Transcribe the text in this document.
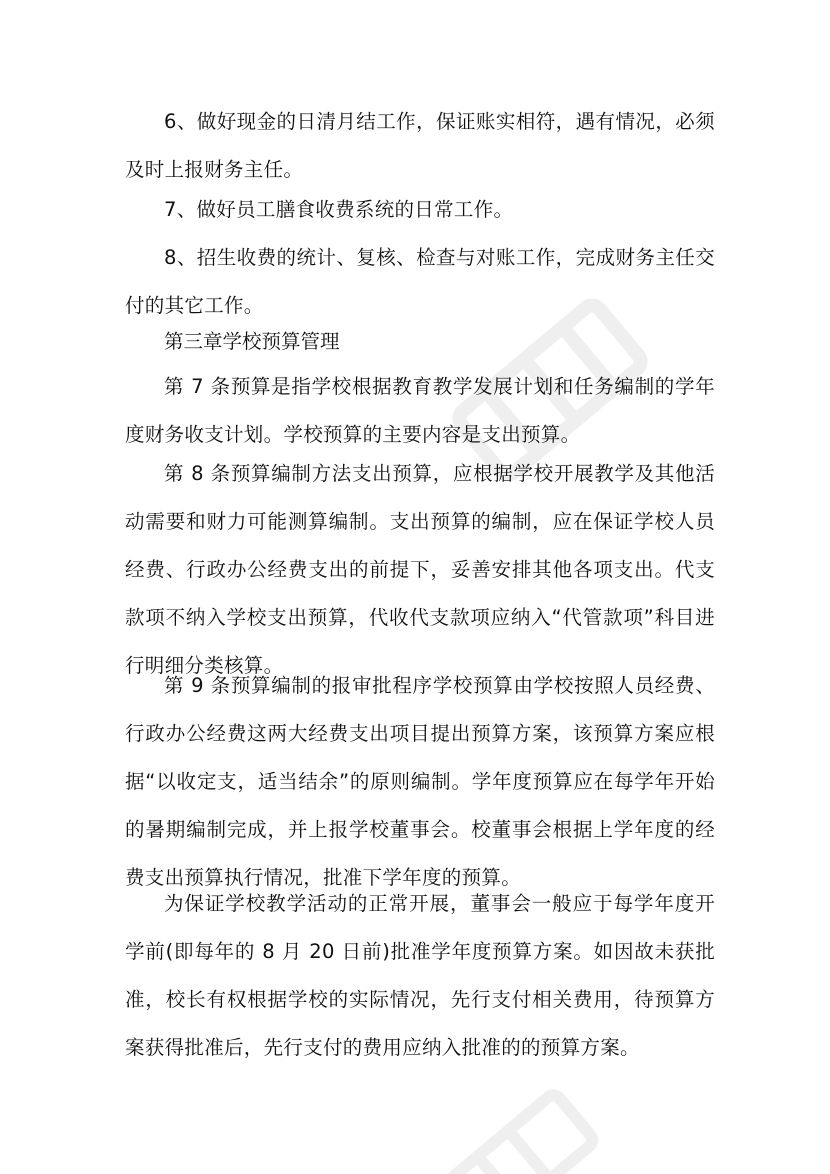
6、做好现金的日清月结工作，保证账实相符，遇有情况，必须及时上报财务主任。

7、做好员工膳食收费系统的日常工作。

8、招生收费的统计、复核、检查与对账工作，完成财务主任交付的其它工作。

第三章学校预算管理

第 7 条预算是指学校根据教育教学发展计划和任务编制的学年度财务收支计划。学校预算的主要内容是支出预算。

第 8 条预算编制方法支出预算，应根据学校开展教学及其他活动需要和财力可能测算编制。支出预算的编制，应在保证学校人员经费、行政办公经费支出的前提下，妥善安排其他各项支出。代支款项不纳入学校支出预算，代收代支款项应纳入“代管款项”科目进行明细分类核算。

第 9 条预算编制的报审批程序学校预算由学校按照人员经费、行政办公经费这两大经费支出项目提出预算方案，该预算方案应根据“以收定支，适当结余”的原则编制。学年度预算应在每学年开始的暑期编制完成，并上报学校董事会。校董事会根据上学年度的经费支出预算执行情况，批准下学年度的预算。

为保证学校教学活动的正常开展，董事会一般应于每学年度开学前(即每年的 8 月 20 日前)批准学年度预算方案。如因故未获批准，校长有权根据学校的实际情况，先行支付相关费用，待预算方案获得批准后，先行支付的费用应纳入批准的的预算方案。
